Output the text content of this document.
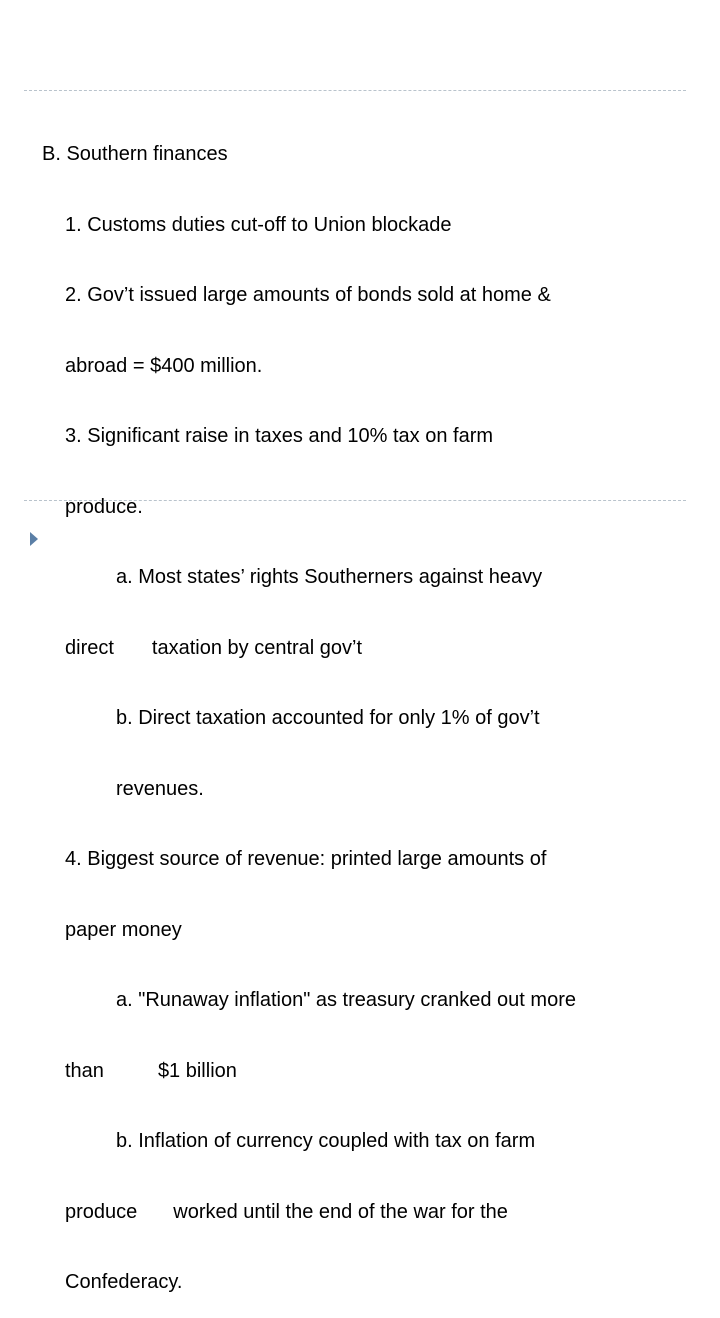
B. Southern finances

1. Customs duties cut-off to Union blockade

2. Gov’t issued large amounts of bonds sold at home &

abroad = $400 million.

3. Significant raise in taxes and 10% tax on farm

produce.

a. Most states’ rights Southerners against heavy

direct taxation by central gov’t

b. Direct taxation accounted for only 1% of gov’t

revenues.

4. Biggest source of revenue: printed large amounts of

paper money

a. "Runaway inflation" as treasury cranked out more

than	$1 billion

b. Inflation of currency coupled with tax on farm

produce worked until the end of the war for the

Confederacy.
